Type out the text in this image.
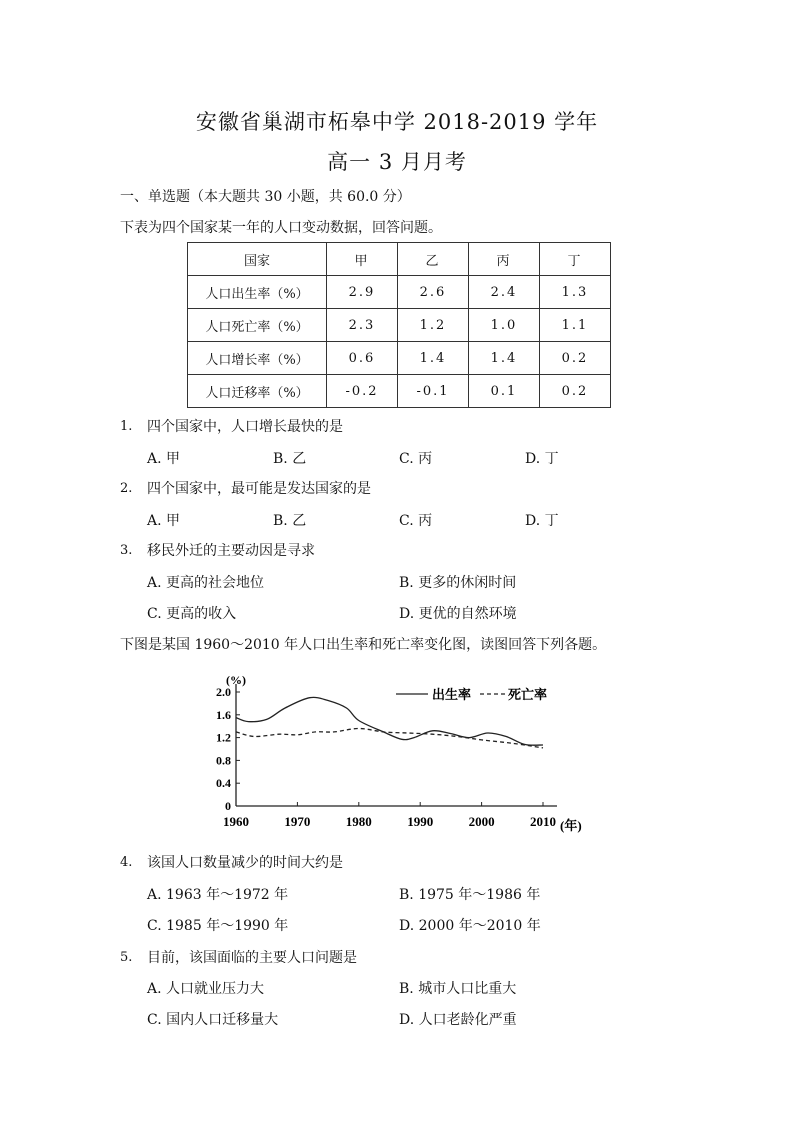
安徽省巢湖市柘皋中学 2018-2019 学年
高一 3 月月考
一、单选题（本大题共 30 小题，共 60.0 分）
下表为四个国家某一年的人口变动数据，回答问题。
国家	甲	乙	丙	丁
人口出生率（%）	2.9	2.6	2.4	1.3
人口死亡率（%）	2.3	1.2	1.0	1.1
人口增长率（%）	0.6	1.4	1.4	0.2
人口迁移率（%）	-0.2	-0.1	0.1	0.2
1. 四个国家中，人口增长最快的是
A. 甲	B. 乙	C. 丙	D. 丁
2. 四个国家中，最可能是发达国家的是
A. 甲	B. 乙	C. 丙	D. 丁
3. 移民外迁的主要动因是寻求
A. 更高的社会地位	B. 更多的休闲时间
C. 更高的收入	D. 更优的自然环境
下图是某国 1960～2010 年人口出生率和死亡率变化图，读图回答下列各题。
(%)
(年)
0
0.4
0.8
1.2
1.6
2.0
1960	1970	1980	1990	2000	2010
出生率	死亡率
4. 该国人口数量减少的时间大约是
A. 1963 年～1972 年	B. 1975 年～1986 年
C. 1985 年～1990 年	D. 2000 年～2010 年
5. 目前，该国面临的主要人口问题是
A. 人口就业压力大	B. 城市人口比重大
C. 国内人口迁移量大	D. 人口老龄化严重
